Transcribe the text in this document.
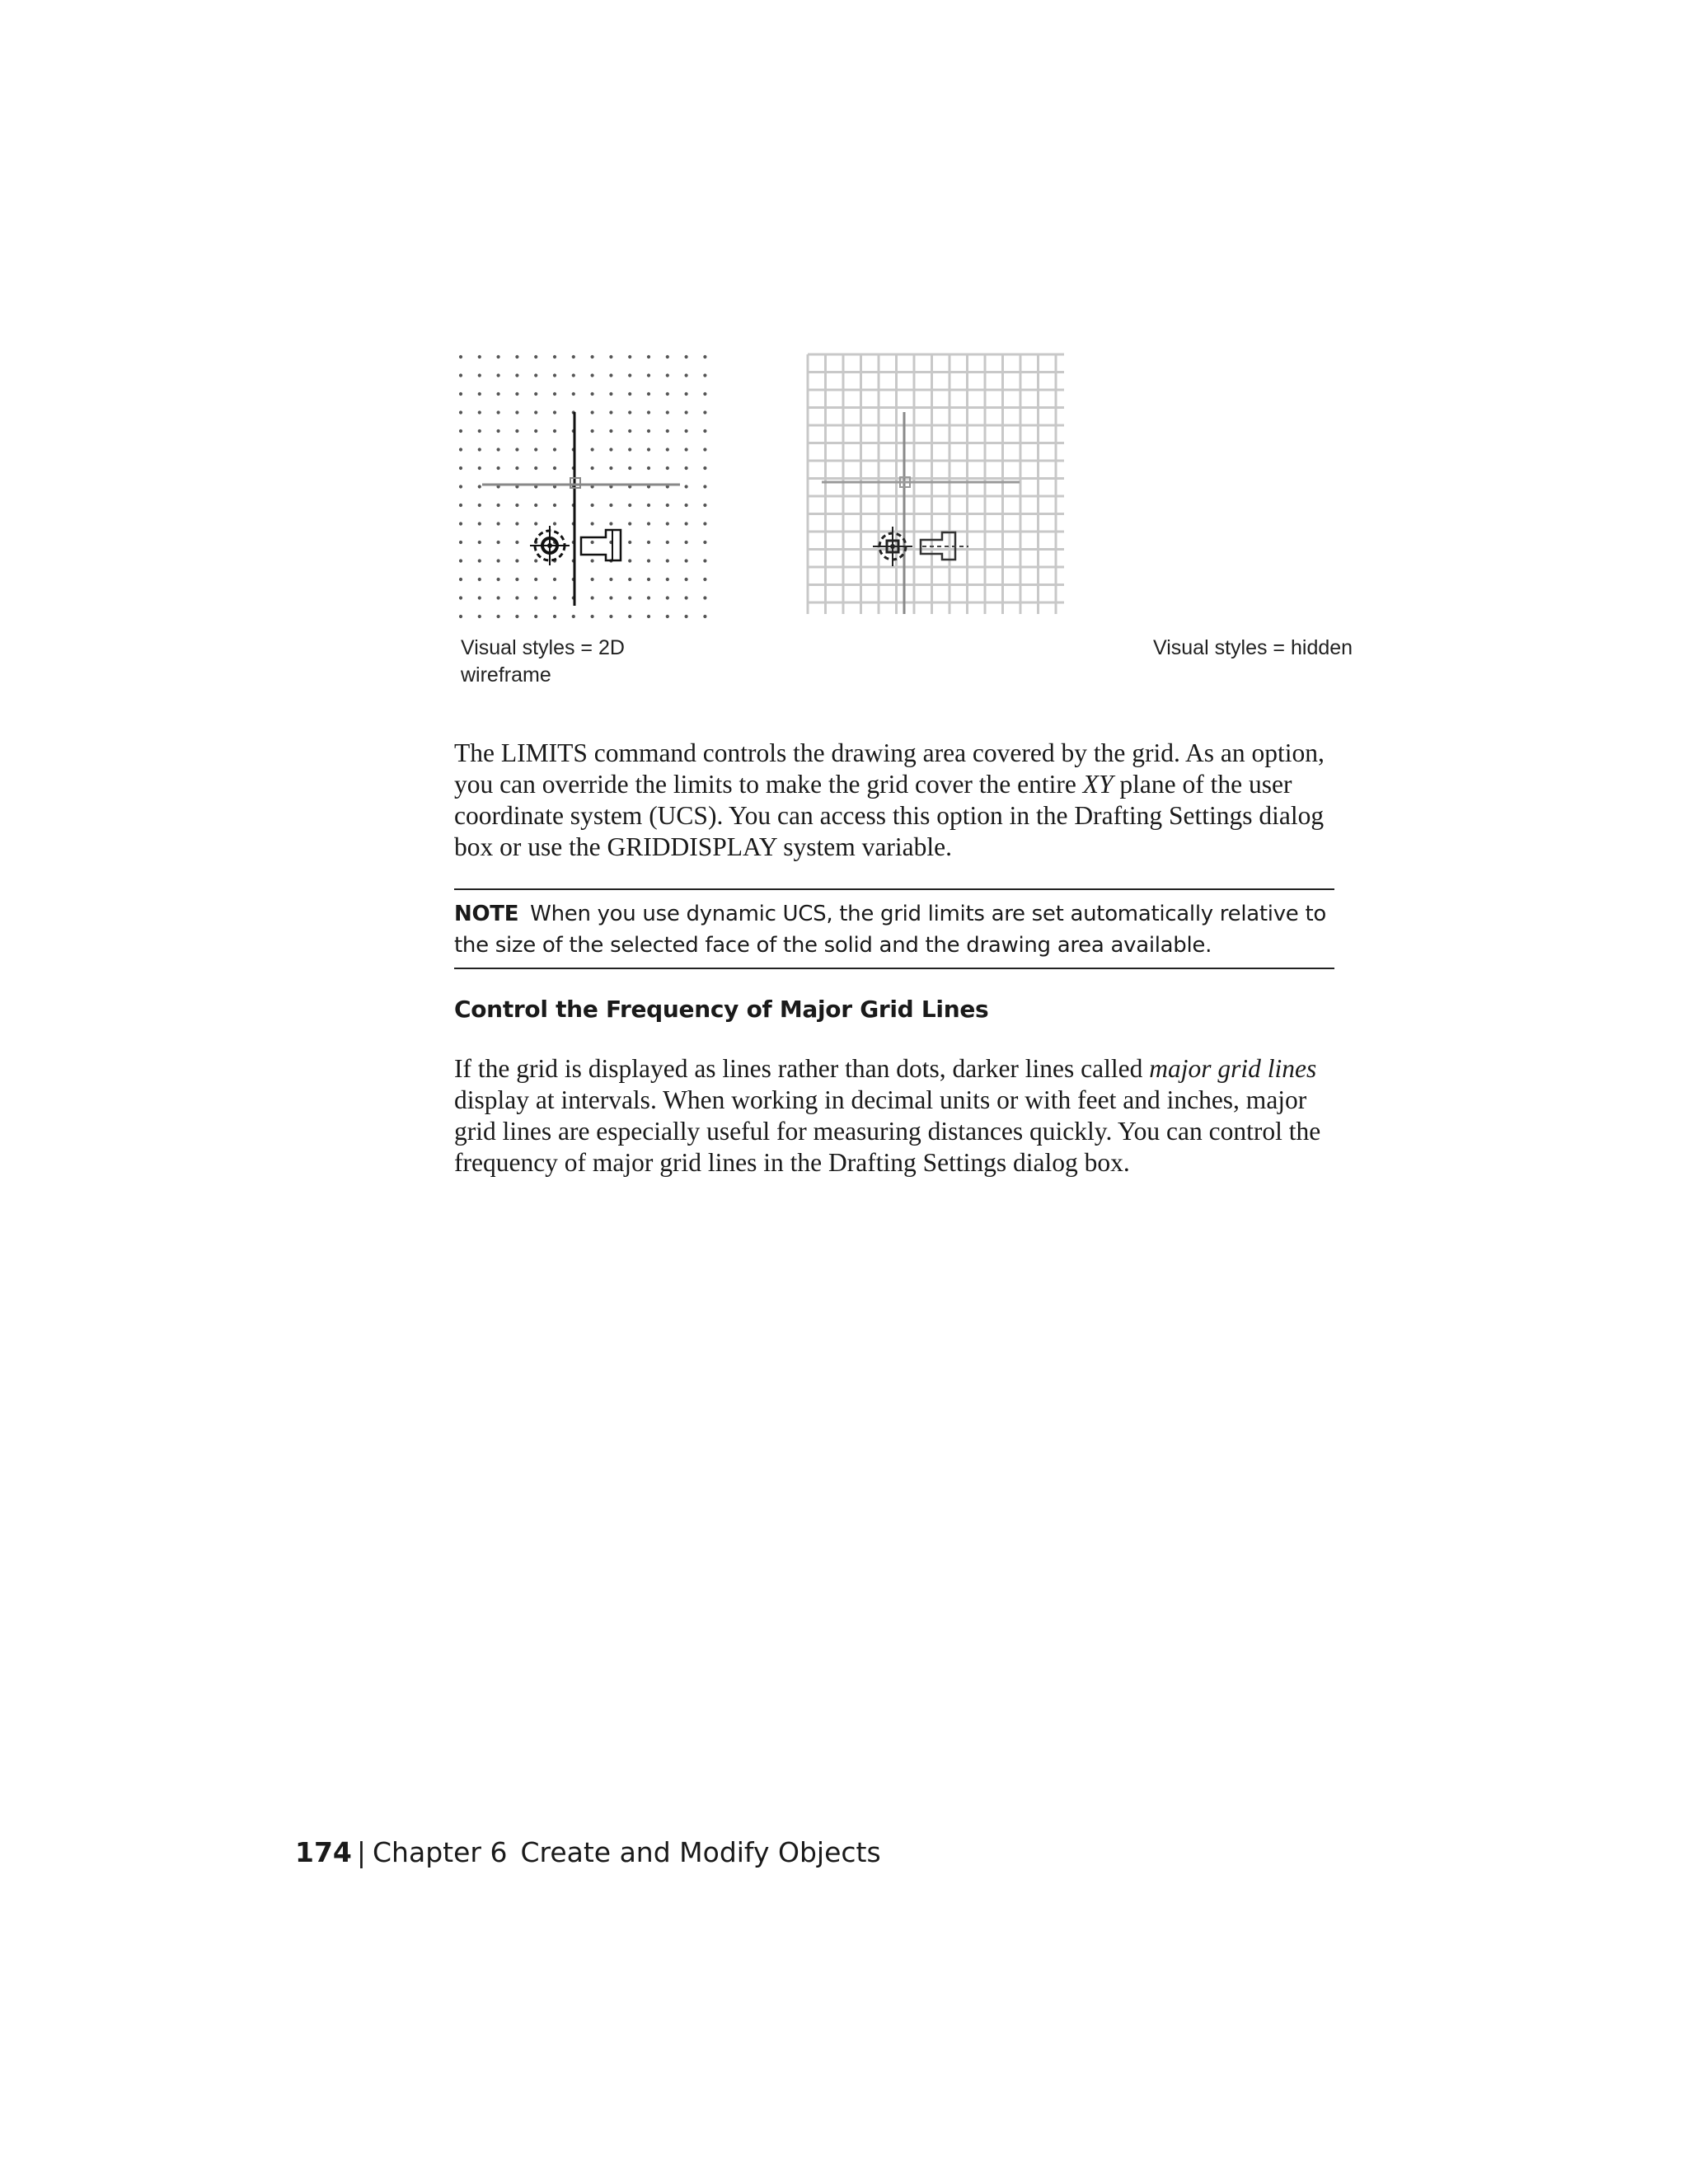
Visual styles = 2D wireframe
Visual styles = hidden

The LIMITS command controls the drawing area covered by the grid. As an option, you can override the limits to make the grid cover the entire XY plane of the user coordinate system (UCS). You can access this option in the Drafting Settings dialog box or use the GRIDDISPLAY system variable.

NOTE When you use dynamic UCS, the grid limits are set automatically relative to the size of the selected face of the solid and the drawing area available.
Control the Frequency of Major Grid Lines

If the grid is displayed as lines rather than dots, darker lines called major grid lines display at intervals. When working in decimal units or with feet and inches, major grid lines are especially useful for measuring distances quickly. You can control the frequency of major grid lines in the Drafting Settings dialog box.

174 | Chapter 6 Create and Modify Objects
